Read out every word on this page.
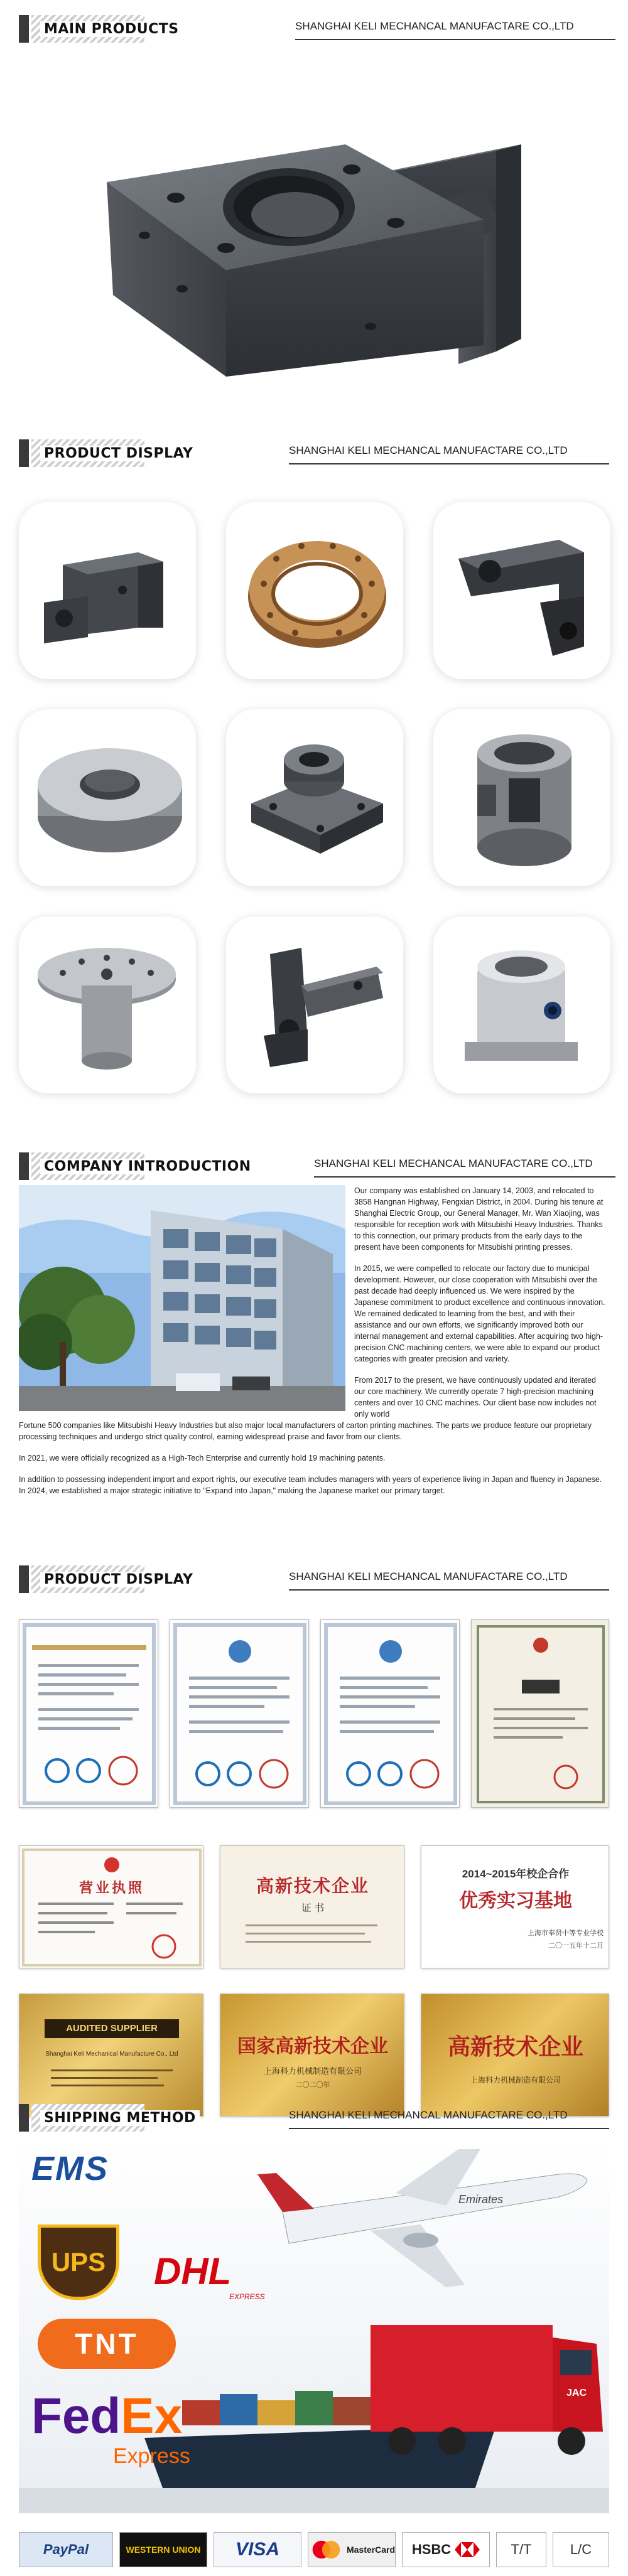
MAIN PRODUCTS	SHANGHAI KELI MECHANCAL MANUFACTARE CO.,LTD
PRODUCT DISPLAY	SHANGHAI KELI MECHANCAL MANUFACTARE CO.,LTD
COMPANY INTRODUCTION	SHANGHAI KELI MECHANCAL MANUFACTARE CO.,LTD

Our company was established on January 14, 2003, and relocated to 3858 Hangnan Highway, Fengxian District, in 2004. During his tenure at Shanghai Electric Group, our General Manager, Mr. Wan Xiaojing, was responsible for reception work with Mitsubishi Heavy Industries. Thanks to this connection, our primary products from the early days to the present have been components for Mitsubishi printing presses.

In 2015, we were compelled to relocate our factory due to municipal development. However, our close cooperation with Mitsubishi over the past decade had deeply influenced us. We were inspired by the Japanese commitment to product excellence and continuous innovation. We remained dedicated to learning from the best, and with their assistance and our own efforts, we significantly improved both our internal management and external capabilities. After acquiring two high-precision CNC machining centers, we were able to expand our product categories with greater precision and variety.

From 2017 to the present, we have continuously updated and iterated our core machinery. We currently operate 7 high-precision machining centers and over 10 CNC machines. Our client base now includes not only world

Fortune 500 companies like Mitsubishi Heavy Industries but also major local manufacturers of carton printing machines. The parts we produce feature our proprietary processing techniques and undergo strict quality control, earning widespread praise and favor from our clients.

In 2021, we were officially recognized as a High-Tech Enterprise and currently hold 19 machining patents.

In addition to possessing independent import and export rights, our executive team includes managers with years of experience living in Japan and fluency in Japanese. In 2024, we established a major strategic initiative to "Expand into Japan," making the Japanese market our primary target.

PRODUCT DISPLAY	SHANGHAI KELI MECHANCAL MANUFACTARE CO.,LTD
营业执照	高新技术企业
证 书
2014~2015年校企合作
优秀实习基地
上海市奉贤中等专业学校
二〇一五年十二月
AUDITED SUPPLIER
Shanghai Keli Mechanical Manufacture Co., Ltd	国家高新技术企业
上海科力机械制造有限公司
二〇二〇年
高新技术企业
上海科力机械制造有限公司
SHIPPING METHOD	SHANGHAI KELI MECHANCAL MANUFACTARE CO.,LTD
EMS
UPS	DHL
EXPRESS
TNT
FedEx
Express
Emirates
JAC
PayPal	WESTERN UNION	VISA	MasterCard HSBC	T/T	L/C
